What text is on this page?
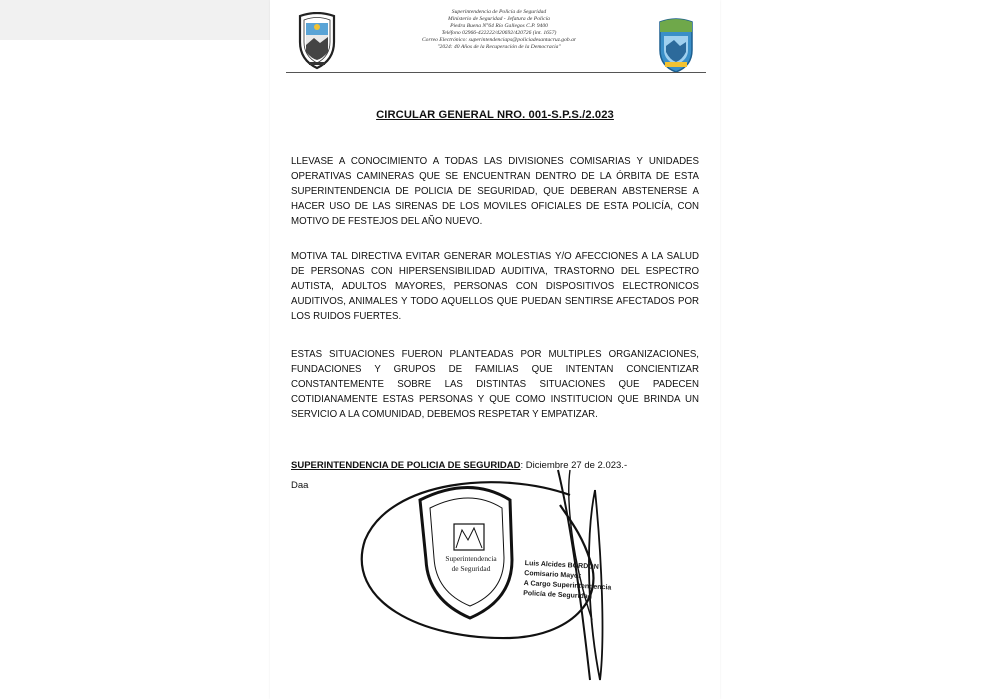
Superintendencia de Policía de Seguridad
Ministerio de Seguridad - Jefatura de Policía
Piedra Buena N°64 Río Gallegos C.P. 9400
Teléfono 02966-422222/420692/420726 (int. 1657)
Correo Electrónico: superintendenciaps@policiadesantacruz.gob.ar
"2024: 40 Años de la Recuperación de la Democracia"
CIRCULAR GENERAL NRO. 001-S.P.S./2.023
LLEVASE A CONOCIMIENTO A TODAS LAS DIVISIONES COMISARIAS Y UNIDADES OPERATIVAS CAMINERAS QUE SE ENCUENTRAN DENTRO DE LA ÓRBITA DE ESTA SUPERINTENDENCIA DE POLICIA DE SEGURIDAD, QUE DEBERAN ABSTENERSE A HACER USO DE LAS SIRENAS DE LOS MOVILES OFICIALES DE ESTA POLICÍA, CON MOTIVO DE FESTEJOS DEL AÑO NUEVO.
MOTIVA TAL DIRECTIVA EVITAR GENERAR MOLESTIAS Y/O AFECCIONES A LA SALUD DE PERSONAS CON HIPERSENSIBILIDAD AUDITIVA, TRASTORNO DEL ESPECTRO AUTISTA, ADULTOS MAYORES, PERSONAS CON DISPOSITIVOS ELECTRONICOS AUDITIVOS, ANIMALES Y TODO AQUELLOS QUE PUEDAN SENTIRSE AFECTADOS POR LOS RUIDOS FUERTES.
ESTAS SITUACIONES FUERON PLANTEADAS POR MULTIPLES ORGANIZACIONES, FUNDACIONES Y GRUPOS DE FAMILIAS QUE INTENTAN CONCIENTIZAR CONSTANTEMENTE SOBRE LAS DISTINTAS SITUACIONES QUE PADECEN COTIDIANAMENTE ESTAS PERSONAS Y QUE COMO INSTITUCION QUE BRINDA UN SERVICIO A LA COMUNIDAD, DEBEMOS RESPETAR Y EMPATIZAR.
SUPERINTENDENCIA DE POLICIA DE SEGURIDAD: Diciembre 27 de 2.023.-
Daa
Superintendencia
de Seguridad	Luis Alcides BORDON
Comisario Mayor
A Cargo Superintendencia
Policía de Seguridad
